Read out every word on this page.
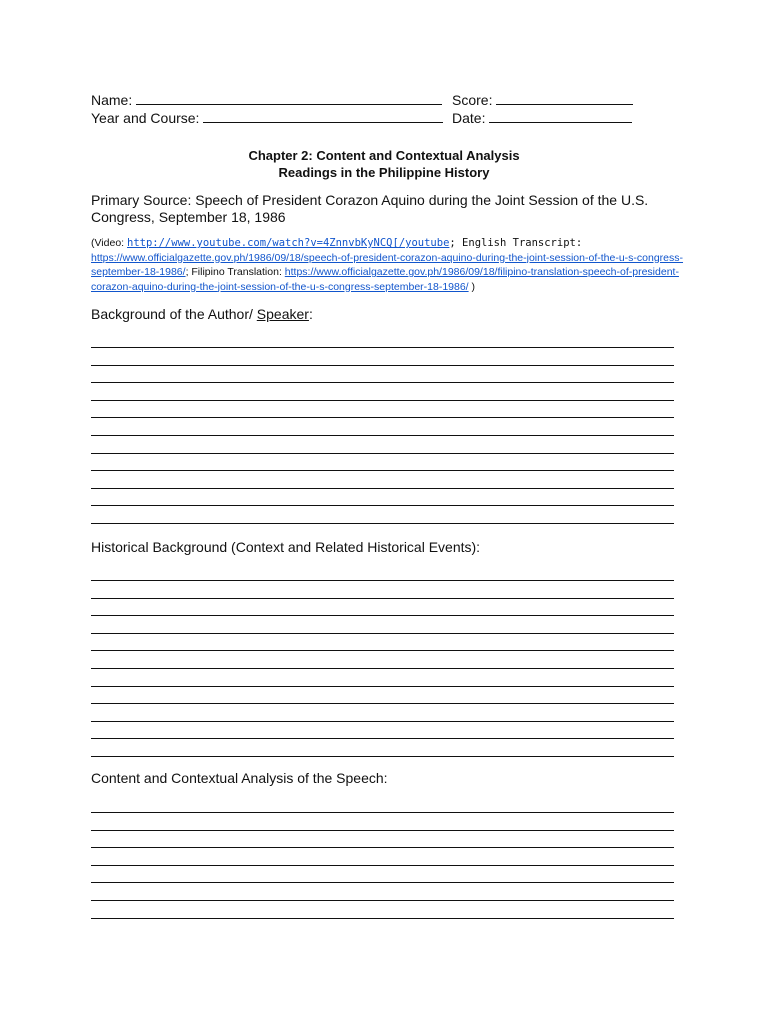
Name:	Score:
Year and Course:	Date:
Chapter 2: Content and Contextual Analysis
Readings in the Philippine History
Primary Source: Speech of President Corazon Aquino during the Joint Session of the U.S. Congress, September 18, 1986
(Video: http://www.youtube.com/watch?v=4ZnnvbKyNCQ[/youtube; English Transcript: https://www.officialgazette.gov.ph/1986/09/18/speech-of-president-corazon-aquino-during-the-joint-session-of-the-u-s-congress-september-18-1986/; Filipino Translation: https://www.officialgazette.gov.ph/1986/09/18/filipino-translation-speech-of-president-corazon-aquino-during-the-joint-session-of-the-u-s-congress-september-18-1986/ )
Background of the Author/ Speaker:
Historical Background (Context and Related Historical Events):
Content and Contextual Analysis of the Speech:
